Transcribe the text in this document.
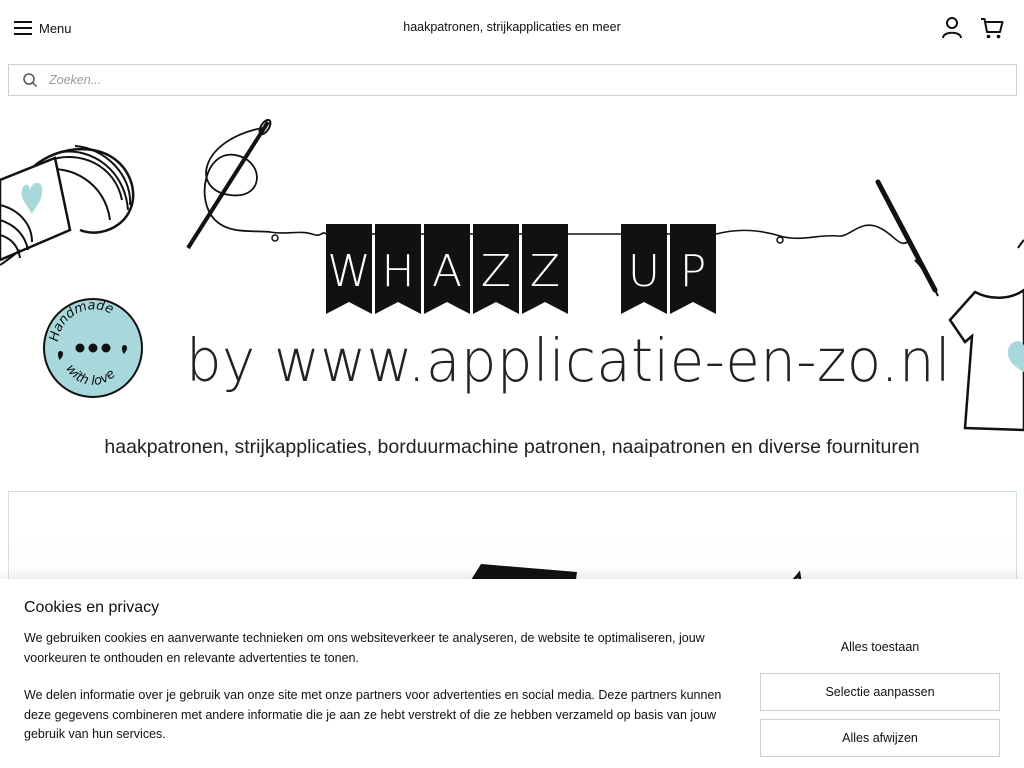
Menu	haakpatronen, strijkapplicaties en meer
Zoeken...
W H A Z Z U P
Handmade
with love by www.applicatie-en-zo.nl
haakpatronen, strijkapplicaties, borduurmachine patronen, naaipatronen en diverse fournituren
Cookies en privacy

We gebruiken cookies en aanverwante technieken om ons websiteverkeer te analyseren, de website te optimaliseren, jouw voorkeuren te onthouden en relevante advertenties te tonen.

We delen informatie over je gebruik van onze site met onze partners voor advertenties en social media. Deze partners kunnen deze gegevens combineren met andere informatie die je aan ze hebt verstrekt of die ze hebben verzameld op basis van jouw gebruik van hun services.

Alles toestaan
Selectie aanpassen
Alles afwijzen
